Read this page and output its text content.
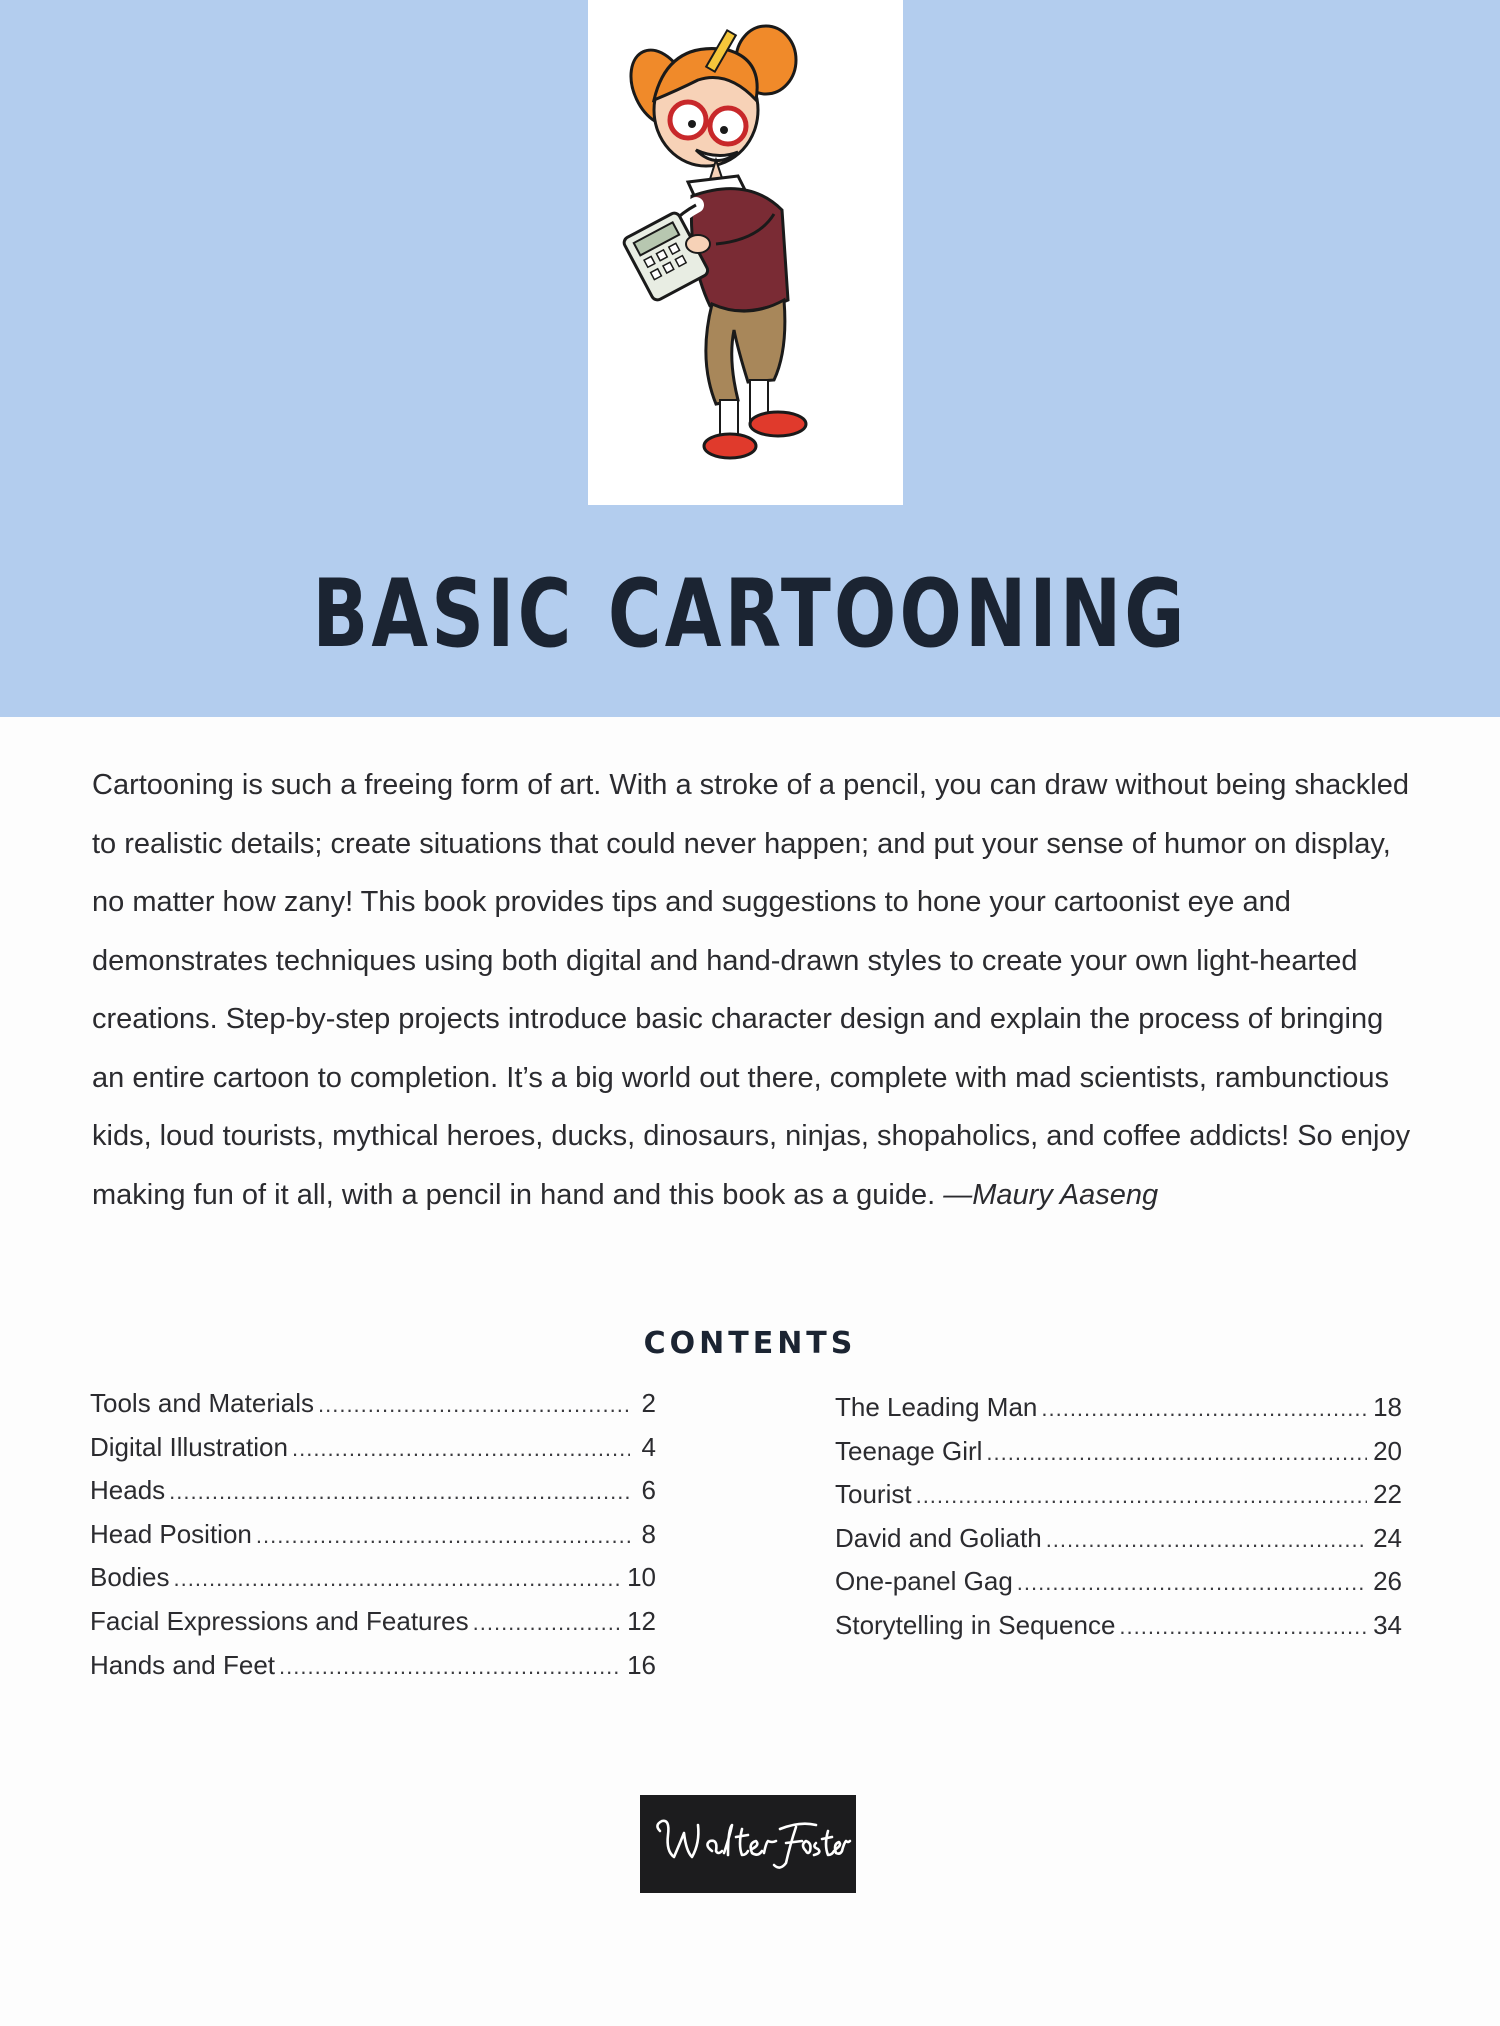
BASIC CARTOONING

Cartooning is such a freeing form of art. With a stroke of a pencil, you can draw without being shackled to realistic details; create situations that could never happen; and put your sense of humor on display, no matter how zany! This book provides tips and suggestions to hone your cartoonist eye and demonstrates techniques using both digital and hand-drawn styles to create your own light-hearted creations. Step-by-step projects introduce basic character design and explain the process of bringing an entire cartoon to completion. It’s a big world out there, complete with mad scientists, rambunctious kids, loud tourists, mythical heroes, ducks, dinosaurs, ninjas, shopaholics, and coffee addicts! So enjoy making fun of it all, with a pencil in hand and this book as a guide. —Maury Aaseng

CONTENTS
Tools and Materials .....	2
Digital Illustration .....	4
Heads .....	6
Head Position .....	8
Bodies .....	10
Facial Expressions and Features .....	12
Hands and Feet .....	16
The Leading Man .....	18
Teenage Girl .....	20
Tourist .....	22
David and Goliath .....	24
One-panel Gag .....	26
Storytelling in Sequence .....	34
